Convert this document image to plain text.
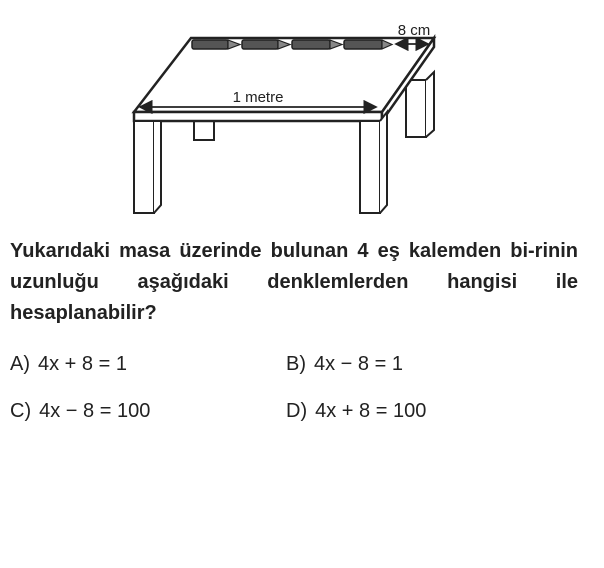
8 cm
1 metre
Yukarıdaki masa üzerinde bulunan 4 eş kalemden bi-rinin uzunluğu aşağıdaki denklemlerden hangisi ile hesaplanabilir?
A) 4x + 8 = 1	B) 4x − 8 = 1
C) 4x − 8 = 100	D) 4x + 8 = 100
